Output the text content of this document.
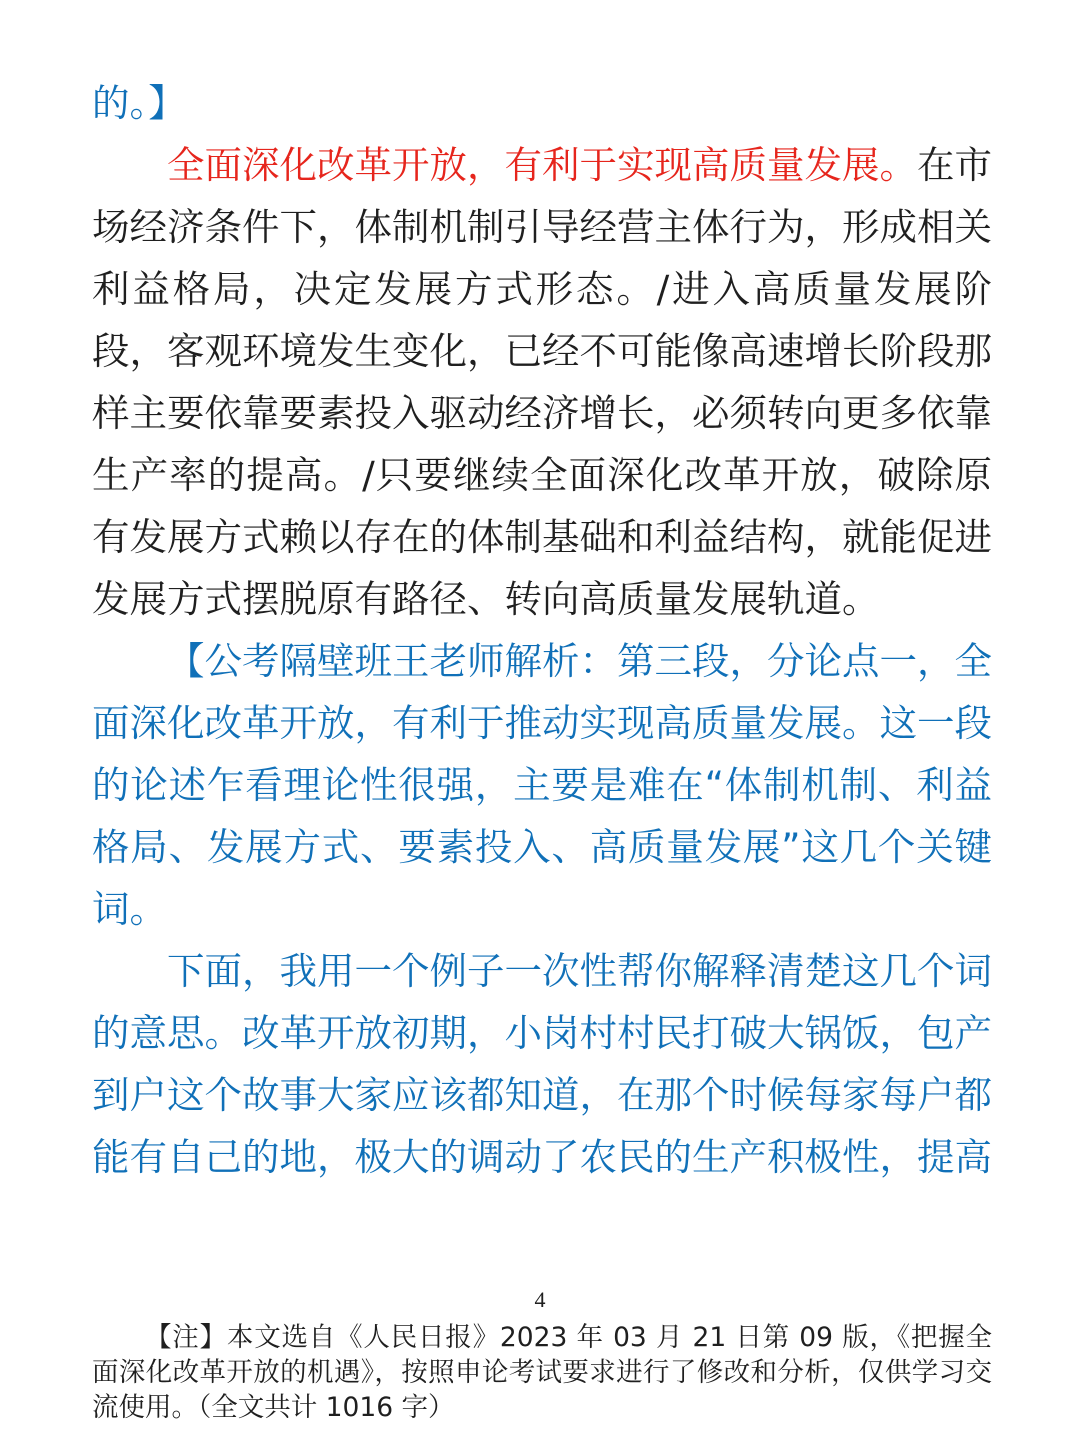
的。】

全面深化改革开放，有利于实现高质量发展。在市场经济条件下，体制机制引导经营主体行为，形成相关利益格局，决定发展方式形态。/进入高质量发展阶段，客观环境发生变化，已经不可能像高速增长阶段那样主要依靠要素投入驱动经济增长，必须转向更多依靠生产率的提高。/只要继续全面深化改革开放，破除原有发展方式赖以存在的体制基础和利益结构，就能促进发展方式摆脱原有路径、转向高质量发展轨道。

【公考隔壁班王老师解析：第三段，分论点一，全面深化改革开放，有利于推动实现高质量发展。这一段的论述乍看理论性很强，主要是难在“体制机制、利益格局、发展方式、要素投入、高质量发展”这几个关键词。

下面，我用一个例子一次性帮你解释清楚这几个词的意思。改革开放初期，小岗村村民打破大锅饭，包产到户这个故事大家应该都知道，在那个时候每家每户都能有自己的地，极大的调动了农民的生产积极性，提高

4

【注】本文选自《人民日报》2023 年 03 月 21 日第 09 版，《把握全面深化改革开放的机遇》，按照申论考试要求进行了修改和分析，仅供学习交流使用。（全文共计 1016 字）
